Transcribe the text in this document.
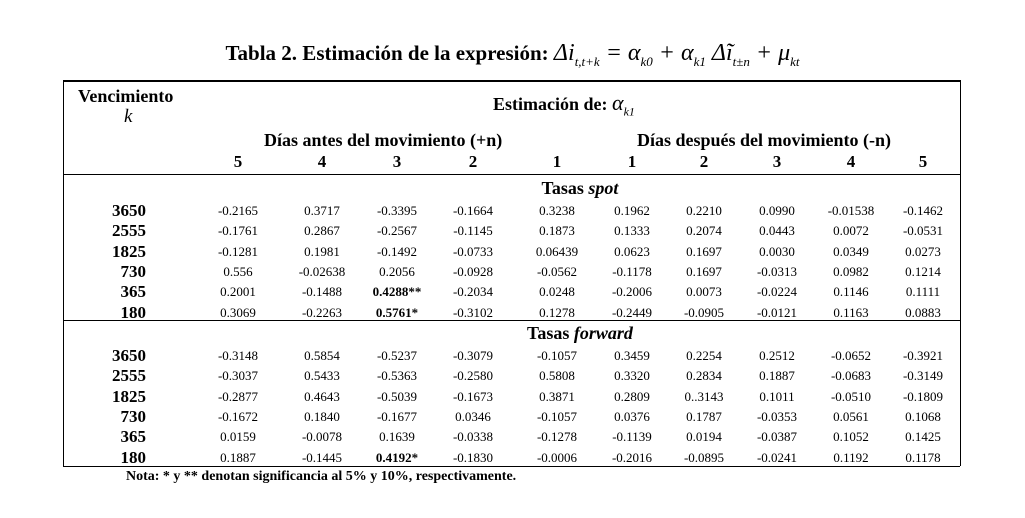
Tabla 2. Estimación de la expresión: $\Delta i_{t,t+k} = \alpha_{k0} + \alpha_{k1}$ $\Delta ĩ_{t\pm n} + \mu_{kt}$
Vencimiento
k
Estimación de: $\alpha_{k1}$
Días antes del movimiento (+n)	Días después del movimiento (-n)
5	4	3	2	1	1	2	3	4	5
Tasas spot
3650	-0.2165	0.3717	-0.3395	-0.1664	0.3238	0.1962	0.2210	0.0990	-0.01538	-0.1462
2555	-0.1761	0.2867	-0.2567	-0.1145	0.1873	0.1333	0.2074	0.0443	0.0072	-0.0531
1825	-0.1281	0.1981	-0.1492	-0.0733	0.06439	0.0623	0.1697	0.0030	0.0349	0.0273
730	0.556	-0.02638	0.2056	-0.0928	-0.0562	-0.1178	0.1697	-0.0313	0.0982	0.1214
365	0.2001	-0.1488	0.4288**	-0.2034	0.0248	-0.2006	0.0073	-0.0224	0.1146	0.1111
180	0.3069	-0.2263	0.5761*	-0.3102	0.1278	-0.2449	-0.0905	-0.0121	0.1163	0.0883
Tasas forward
3650	-0.3148	0.5854	-0.5237	-0.3079	-0.1057	0.3459	0.2254	0.2512	-0.0652	-0.3921
2555	-0.3037	0.5433	-0.5363	-0.2580	0.5808	0.3320	0.2834	0.1887	-0.0683	-0.3149
1825	-0.2877	0.4643	-0.5039	-0.1673	0.3871	0.2809	0..3143	0.1011	-0.0510	-0.1809
730	-0.1672	0.1840	-0.1677	0.0346	-0.1057	0.0376	0.1787	-0.0353	0.0561	0.1068
365	0.0159	-0.0078	0.1639	-0.0338	-0.1278	-0.1139	0.0194	-0.0387	0.1052	0.1425
180	0.1887	-0.1445	0.4192*	-0.1830	-0.0006	-0.2016	-0.0895	-0.0241	0.1192	0.1178
Nota: * y ** denotan significancia al 5% y 10%, respectivamente.
